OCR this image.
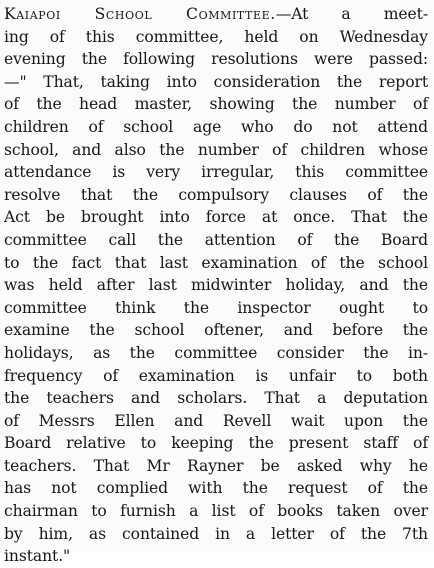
Kaiapoi School Committee.—At a meet-
ing of this committee, held on Wednesday
evening the following resolutions were passed:
—" That, taking into consideration the report
of the head master, showing the number of
children of school age who do not attend
school, and also the number of children whose
attendance is very irregular, this committee
resolve that the compulsory clauses of the
Act be brought into force at once. That the
committee call the attention of the Board
to the fact that last examination of the school
was held after last midwinter holiday, and the
committee think the inspector ought to
examine the school oftener, and before the
holidays, as the committee consider the in-
frequency of examination is unfair to both
the teachers and scholars. That a deputation
of Messrs Ellen and Revell wait upon the
Board relative to keeping the present staff of
teachers. That Mr Rayner be asked why he
has not complied with the request of the
chairman to furnish a list of books taken over
by him, as contained in a letter of the 7th
instant."
